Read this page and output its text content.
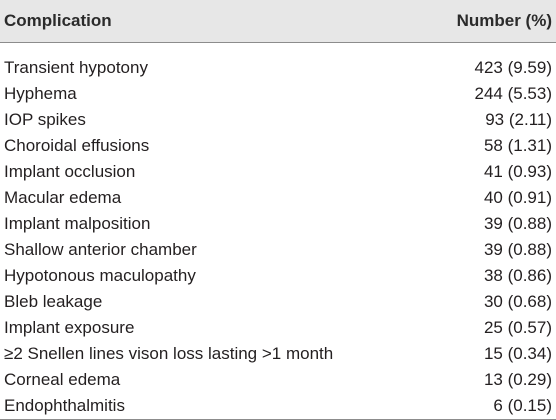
Complication	Number (%)
Transient hypotony	423 (9.59)
Hyphema	244 (5.53)
IOP spikes	93 (2.11)
Choroidal effusions	58 (1.31)
Implant occlusion	41 (0.93)
Macular edema	40 (0.91)
Implant malposition	39 (0.88)
Shallow anterior chamber	39 (0.88)
Hypotonous maculopathy	38 (0.86)
Bleb leakage	30 (0.68)
Implant exposure	25 (0.57)
≥2 Snellen lines vison loss lasting >1 month	15 (0.34)
Corneal edema	13 (0.29)
Endophthalmitis	6 (0.15)
